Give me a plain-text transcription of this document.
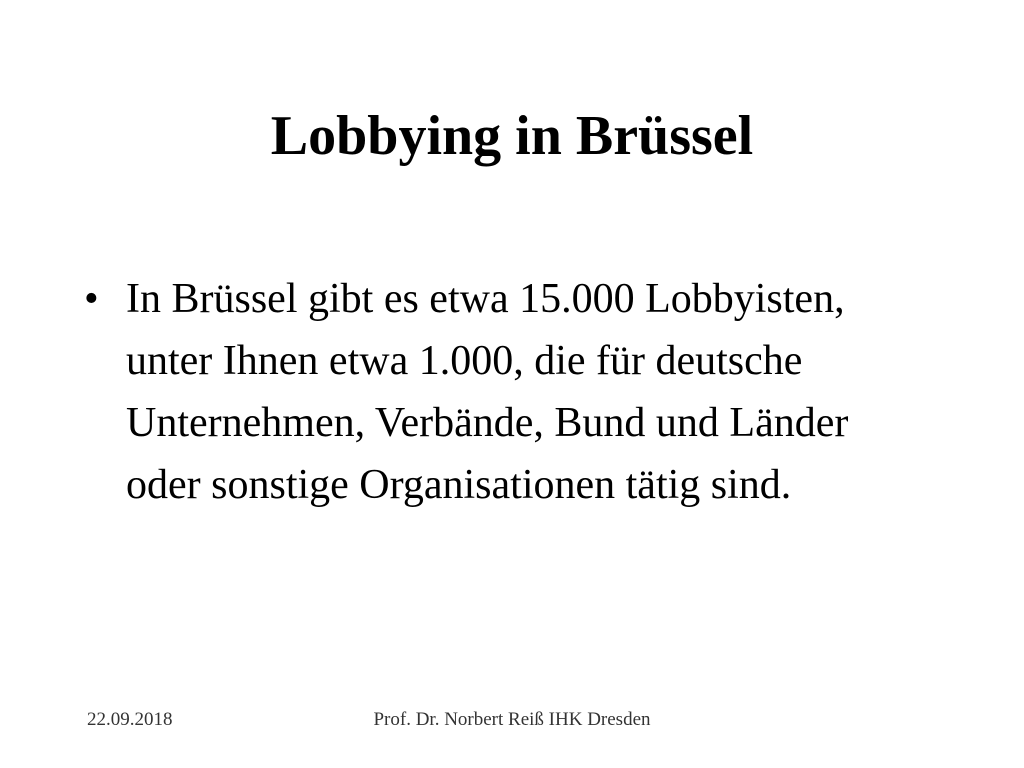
Lobbying in Brüssel
• In Brüssel gibt es etwa 15.000 Lobbyisten, unter Ihnen etwa 1.000, die für deutsche Unternehmen, Verbände, Bund und Länder oder sonstige Organisationen tätig sind.
22.09.2018	Prof. Dr. Norbert Reiß IHK Dresden
